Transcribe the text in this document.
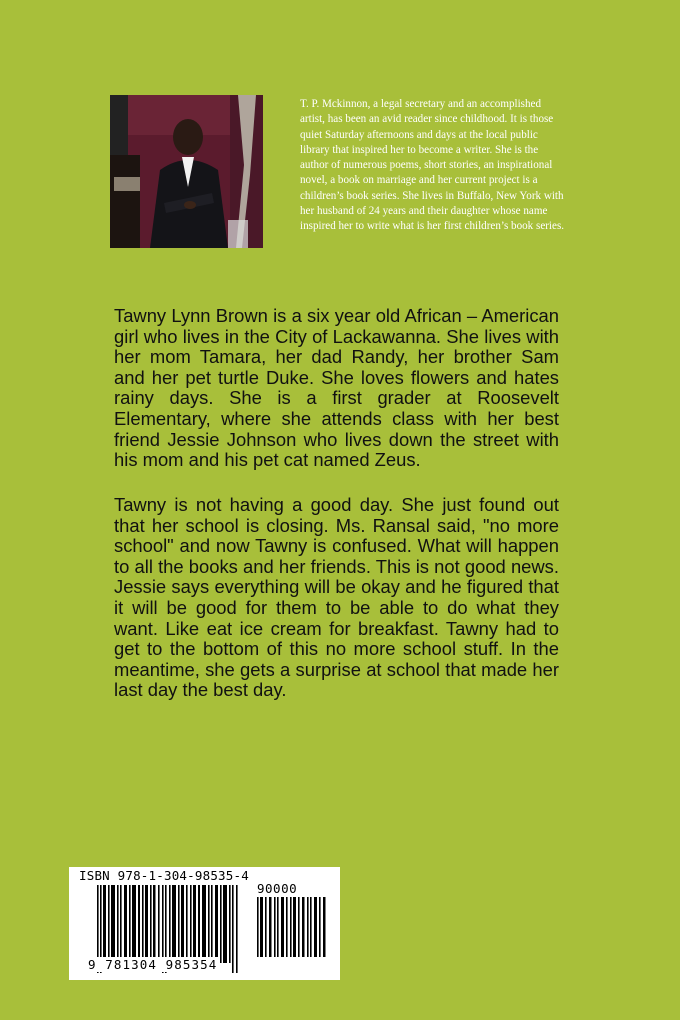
T. P. Mckinnon, a legal secretary and an accomplished artist, has been an avid reader since childhood. It is those quiet Saturday afternoons and days at the local public library that inspired her to become a writer. She is the author of numerous poems, short stories, an inspirational novel, a book on marriage and her current project is a children’s book series. She lives in Buffalo, New York with her husband of 24 years and their daughter whose name inspired her to write what is her first children’s book series.

Tawny Lynn Brown is a six year old African – American girl who lives in the City of Lackawanna. She lives with her mom Tamara, her dad Randy, her brother Sam and her pet turtle Duke. She loves flowers and hates rainy days. She is a first grader at Roosevelt Elementary, where she attends class with her best friend Jessie Johnson who lives down the street with his mom and his pet cat named Zeus.

Tawny is not having a good day. She just found out that her school is closing. Ms. Ransal said, "no more school" and now Tawny is confused. What will happen to all the books and her friends. This is not good news. Jessie says everything will be okay and he figured that it will be good for them to be able to do what they want. Like eat ice cream for breakfast. Tawny had to get to the bottom of this no more school stuff. In the meantime, she gets a surprise at school that made her last day the best day.

ISBN 978-1-304-98535-4
90000
9 781304 985354
